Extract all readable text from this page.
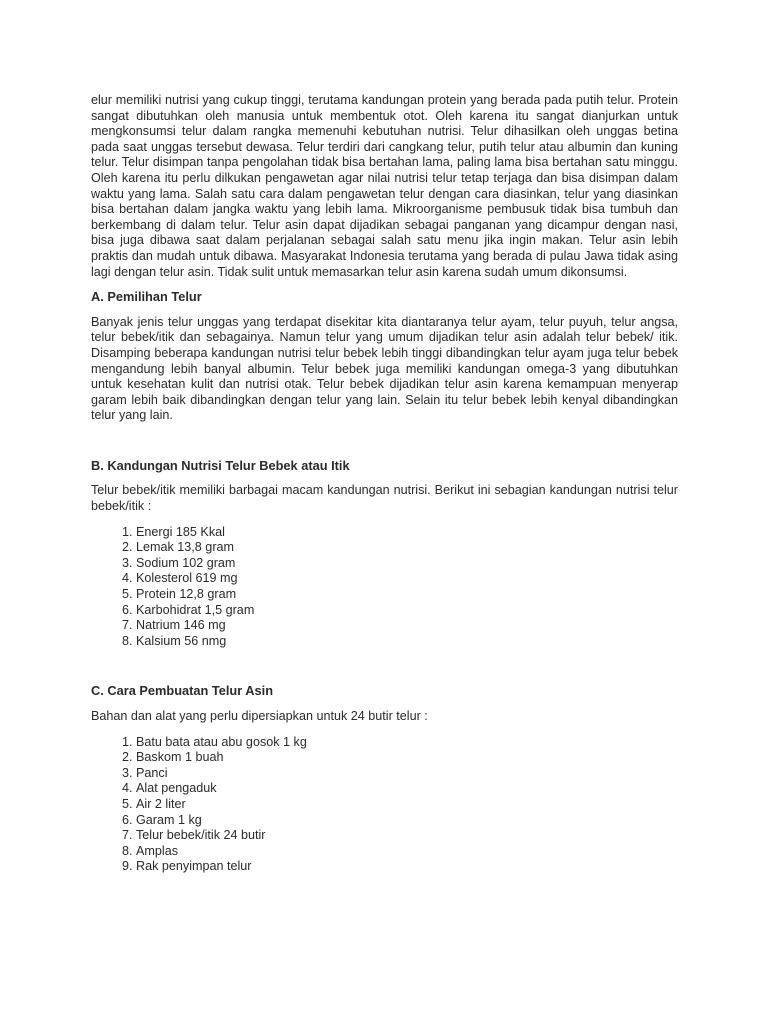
elur memiliki nutrisi yang cukup tinggi, terutama kandungan protein yang berada pada putih telur. Protein sangat dibutuhkan oleh manusia untuk membentuk otot. Oleh karena itu sangat dianjurkan untuk mengkonsumsi telur dalam rangka memenuhi kebutuhan nutrisi. Telur dihasilkan oleh unggas betina pada saat unggas tersebut dewasa. Telur terdiri dari cangkang telur, putih telur atau albumin dan kuning telur. Telur disimpan tanpa pengolahan tidak bisa bertahan lama, paling lama bisa bertahan satu minggu. Oleh karena itu perlu dilkukan pengawetan agar nilai nutrisi telur tetap terjaga dan bisa disimpan dalam waktu yang lama. Salah satu cara dalam pengawetan telur dengan cara diasinkan, telur yang diasinkan bisa bertahan dalam jangka waktu yang lebih lama. Mikroorganisme pembusuk tidak bisa tumbuh dan berkembang di dalam telur. Telur asin dapat dijadikan sebagai panganan yang dicampur dengan nasi, bisa juga dibawa saat dalam perjalanan sebagai salah satu menu jika ingin makan. Telur asin lebih praktis dan mudah untuk dibawa. Masyarakat Indonesia terutama yang berada di pulau Jawa tidak asing lagi dengan telur asin. Tidak sulit untuk memasarkan telur asin karena sudah umum dikonsumsi.

A. Pemilihan Telur

Banyak jenis telur unggas yang terdapat disekitar kita diantaranya telur ayam, telur puyuh, telur angsa, telur bebek/itik dan sebagainya. Namun telur yang umum dijadikan telur asin adalah telur bebek/ itik. Disamping beberapa kandungan nutrisi telur bebek lebih tinggi dibandingkan telur ayam juga telur bebek mengandung lebih banyal albumin. Telur bebek juga memiliki kandungan omega-3 yang dibutuhkan untuk kesehatan kulit dan nutrisi otak. Telur bebek dijadikan telur asin karena kemampuan menyerap garam lebih baik dibandingkan dengan telur yang lain. Selain itu telur bebek lebih kenyal dibandingkan telur yang lain.

B. Kandungan Nutrisi Telur Bebek atau Itik

Telur bebek/itik memiliki barbagai macam kandungan nutrisi. Berikut ini sebagian kandungan nutrisi telur bebek/itik :

1. Energi 185 Kkal
2. Lemak 13,8 gram
3. Sodium 102 gram
4. Kolesterol 619 mg
5. Protein 12,8 gram
6. Karbohidrat 1,5 gram
7. Natrium 146 mg
8. Kalsium 56 nmg
C. Cara Pembuatan Telur Asin

Bahan dan alat yang perlu dipersiapkan untuk 24 butir telur :

1. Batu bata atau abu gosok 1 kg
2. Baskom 1 buah
3. Panci
4. Alat pengaduk
5. Air 2 liter
6. Garam 1 kg
7. Telur bebek/itik 24 butir
8. Amplas
9. Rak penyimpan telur
